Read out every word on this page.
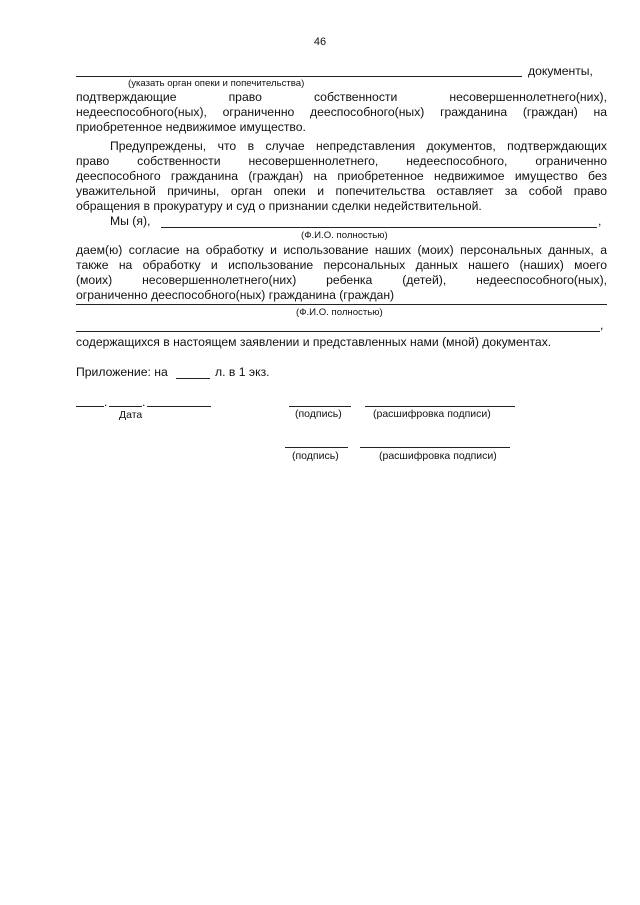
46
документы,
(указать орган опеки и попечительства)
подтверждающие	право	собственности	несовершеннолетнего(них),
недееспособного(ных), ограниченно дееспособного(ных) гражданина (граждан) на
приобретенное недвижимое имущество.
Предупреждены, что в случае непредставления документов, подтверждающих
право собственности несовершеннолетнего, недееспособного, ограниченно
дееспособного гражданина (граждан) на приобретенное недвижимое имущество без
уважительной причины, орган опеки и попечительства оставляет за собой право
обращения в прокуратуру и суд о признании сделки недействительной.
Мы (я),	,
(Ф.И.О. полностью)
даем(ю) согласие на обработку и использование наших (моих) персональных данных, а
также на обработку и использование персональных данных нашего (наших) моего
(моих) несовершеннолетнего(них) ребенка (детей), недееспособного(ных),
ограниченно дееспособного(ных) гражданина (граждан)
(Ф.И.О. полностью)
,
содержащихся в настоящем заявлении и представленных нами (мной) документах.
Приложение: на	л. в 1 экз.
.	.
Дата	(подпись)	(расшифровка подписи)
(подпись)	(расшифровка подписи)
